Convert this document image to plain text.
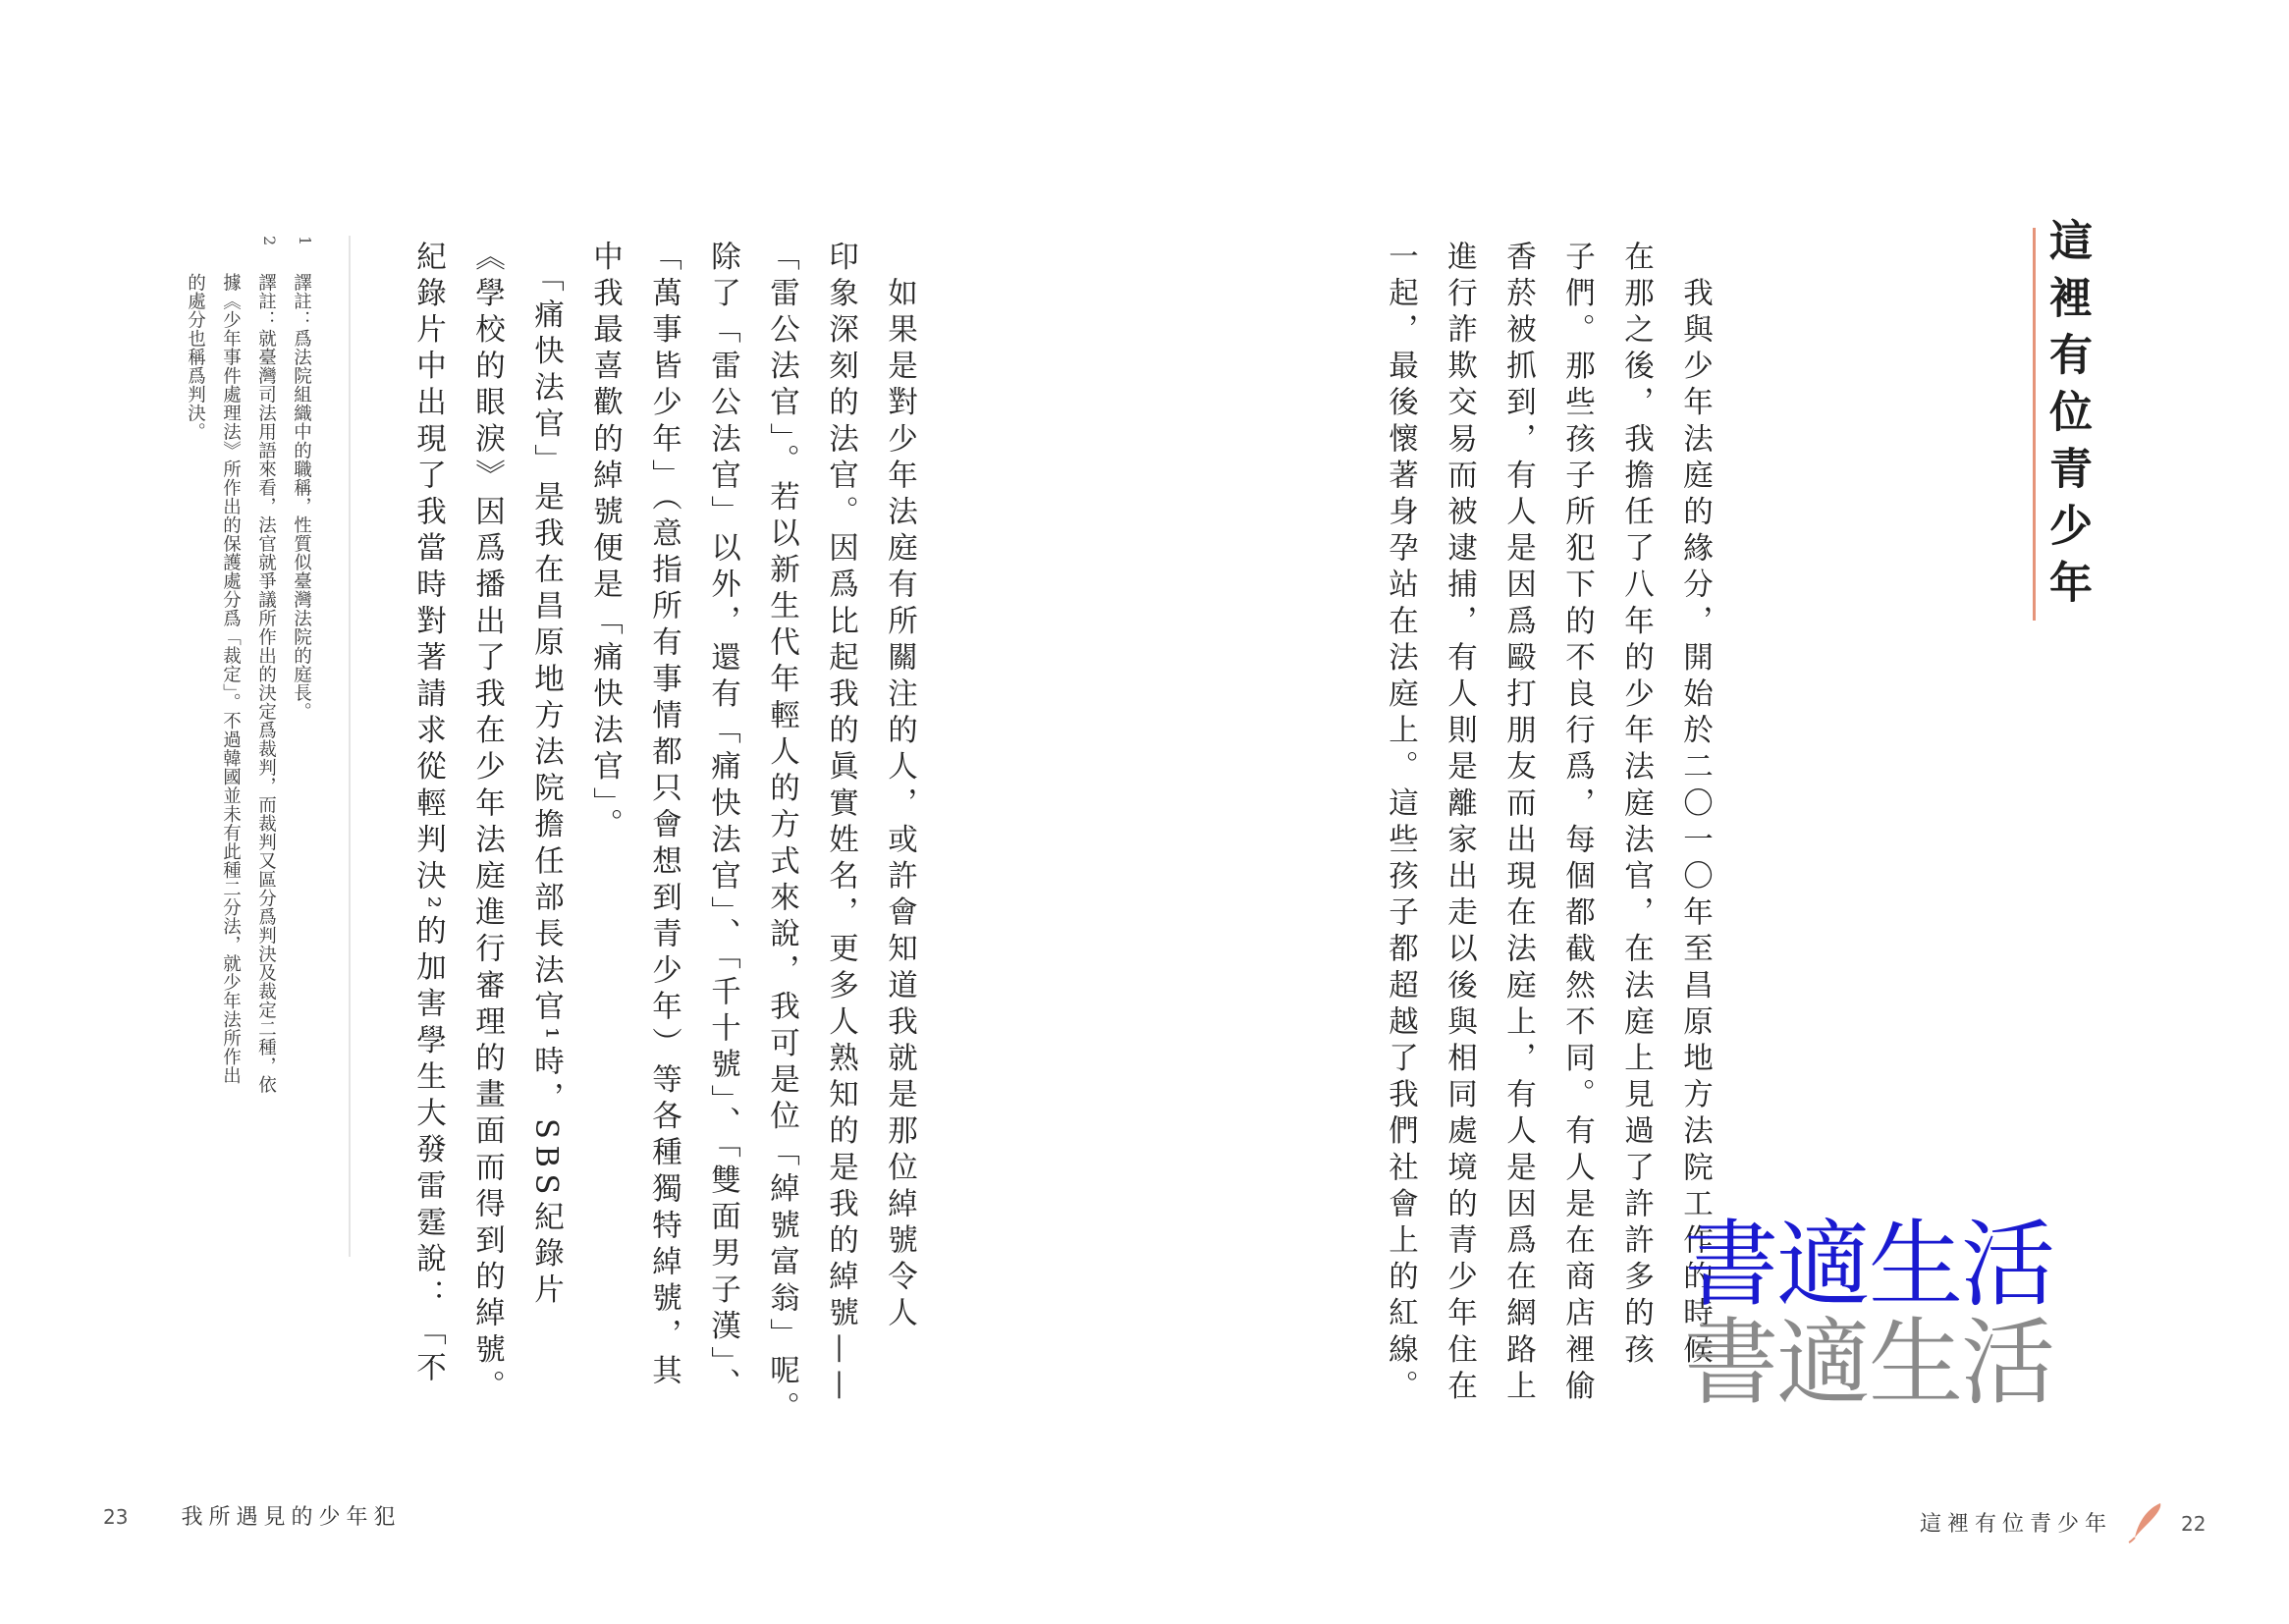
這裡有位青少年
　我與少年法庭的緣分，開始於二〇一〇年至昌原地方法院工作的時候
在那之後，我擔任了八年的少年法庭法官，在法庭上見過了許許多的孩
子們。那些孩子所犯下的不良行爲，每個都截然不同。有人是在商店裡偷
香菸被抓到，有人是因爲毆打朋友而出現在法庭上，有人是因爲在網路上
進行詐欺交易而被逮捕，有人則是離家出走以後與相同處境的青少年住在
一起，最後懷著身孕站在法庭上。這些孩子都超越了我們社會上的紅線。
　如果是對少年法庭有所關注的人，或許會知道我就是那位綽號令人
印象深刻的法官。因爲比起我的眞實姓名，更多人熟知的是我的綽號——
「雷公法官」。若以新生代年輕人的方式來說，我可是位「綽號富翁」呢。
除了「雷公法官」以外，還有「痛快法官」、「千十號」、「雙面男子漢」、
「萬事皆少年」（意指所有事情都只會想到青少年）等各種獨特綽號，其
中我最喜歡的綽號便是「痛快法官」。
　「痛快法官」是我在昌原地方法院擔任部長法官¹時，SBS紀錄片
《學校的眼淚》因爲播出了我在少年法庭進行審理的畫面而得到的綽號。
紀錄片中出現了我當時對著請求從輕判決²的加害學生大發雷霆說：「不
1
譯註：爲法院組織中的職稱，性質似臺灣法院的庭長。
2
譯註：就臺灣司法用語來看，法官就爭議所作出的決定爲裁判，而裁判又區分爲判決及裁定二種，依
據《少年事件處理法》所作出的保護處分爲「裁定」。不過韓國並未有此種二分法，就少年法所作出
的處分也稱爲判決。
23 我所遇見的少年犯	這裡有位青少年	22
書適生活
書適生活
